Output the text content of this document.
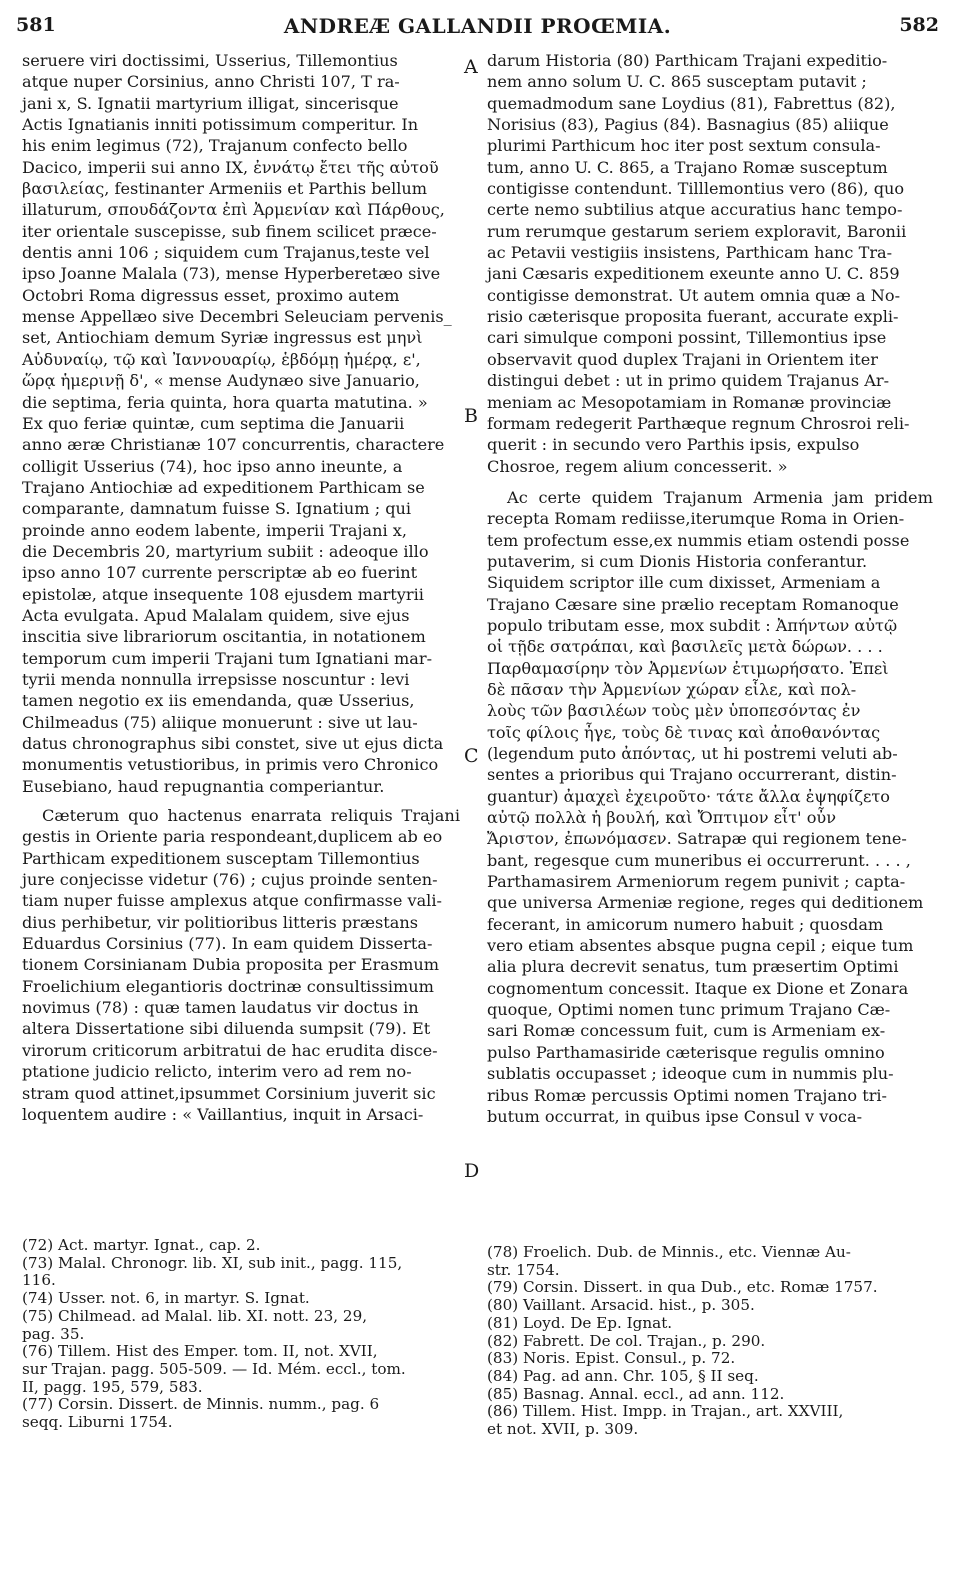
581	ANDREÆ GALLANDII PROŒMIA.	582
seruere viri doctissimi, Usserius, Tillemontius
atque nuper Corsinius, anno Christi 107, T ra-
jani x, S. Ignatii martyrium illigat, sincerisque
Actis Ignatianis inniti potissimum comperitur. In
his enim legimus (72), Trajanum confecto bello
Dacico, imperii sui anno IX, ἐννάτῳ ἔτει τῆς αὐτοῦ
βασιλείας, festinanter Armeniis et Parthis bellum
illaturum, σπουδάζοντα ἐπὶ Ἀρμενίαν καὶ Πάρθους,
iter orientale suscepisse, sub finem scilicet præce-
dentis anni 106 ; siquidem cum Trajanus,teste vel
ipso Joanne Malala (73), mense Hyperberetæo sive
Octobri Roma digressus esset, proximo autem
mense Appellæo sive Decembri Seleuciam pervenis_
set, Antiochiam demum Syriæ ingressus est μηνὶ
Αὐδυναίῳ, τῷ καὶ Ἰαννουαρίῳ, ἑβδόμῃ ἡμέρᾳ, ε',
ὥρᾳ ἡμερινῇ δ', « mense Audynæo sive Januario,
die septima, feria quinta, hora quarta matutina. »
Ex quo feriæ quintæ, cum septima die Januarii
anno æræ Christianæ 107 concurrentis, charactere
colligit Usserius (74), hoc ipso anno ineunte, a
Trajano Antiochiæ ad expeditionem Parthicam se
comparante, damnatum fuisse S. Ignatium ; qui
proinde anno eodem labente, imperii Trajani x,
die Decembris 20, martyrium subiit : adeoque illo
ipso anno 107 currente perscriptæ ab eo fuerint
epistolæ, atque insequente 108 ejusdem martyrii
Acta evulgata. Apud Malalam quidem, sive ejus
inscitia sive librariorum oscitantia, in notationem
temporum cum imperii Trajani tum Ignatiani mar-
tyrii menda nonnulla irrepsisse noscuntur : levi
tamen negotio ex iis emendanda, quæ Usserius,
Chilmeadus (75) aliique monuerunt : sive ut lau-
datus chronographus sibi constet, sive ut ejus dicta
monumentis vetustioribus, in primis vero Chronico
Eusebiano, haud repugnantia comperiantur.
Cæterum quo hactenus enarrata reliquis Trajani
gestis in Oriente paria respondeant,duplicem ab eo
Parthicam expeditionem susceptam Tillemontius
jure conjecisse videtur (76) ; cujus proinde senten-
tiam nuper fuisse amplexus atque confirmasse vali-
dius perhibetur, vir politioribus litteris præstans
Eduardus Corsinius (77). In eam quidem Disserta-
tionem Corsinianam Dubia proposita per Erasmum
Froelichium elegantioris doctrinæ consultissimum
novimus (78) : quæ tamen laudatus vir doctus in
altera Dissertatione sibi diluenda sumpsit (79). Et
virorum criticorum arbitratui de hac eruditа disce-
ptatione judicio relicto, interim vero ad rem no-
stram quod attinet,ipsummet Corsinium juverit sic
loquentem audire : « Vaillantius, inquit in Arsaci-
darum Historia (80) Parthicam Trajani expeditio-
nem anno solum U. C. 865 susceptam putavit ;
quemadmodum sane Loydius (81), Fabrettus (82),
Norisius (83), Pagius (84). Basnagius (85) aliique
plurimi Parthicum hoc iter post sextum consula-
tum, anno U. C. 865, a Trajano Romæ susceptum
contigisse contendunt. Tilllemontius vero (86), quo
certe nemo subtilius atque accuratius hanc tempo-
rum rerumque gestarum seriem exploravit, Baronii
ac Petavii vestigiis insistens, Parthicam hanc Tra-
jani Cæsaris expeditionem exeunte anno U. C. 859
contigisse demonstrat. Ut autem omnia quæ a No-
risio cæterisque proposita fuerant, accurate expli-
cari simulque componi possint, Tillemontius ipse
observavit quod duplex Trajani in Orientem iter
distingui debet : ut in primo quidem Trajanus Ar-
meniam ac Mesopotamiam in Romanæ provinciæ
formam redegerit Parthæque regnum Chrosroi reli-
querit : in secundo vero Parthis ipsis, expulso
Chosroe, regem alium concesserit. »
Ac certe quidem Trajanum Armenia jam pridem
recepta Romam rediisse,iterumque Roma in Orien-
tem profectum esse,ex nummis etiam ostendi posse
putaverim, si cum Dionis Historia conferantur.
Siquidem scriptor ille cum dixisset, Armeniam a
Trajano Cæsare sine prælio receptam Romanoque
populo tributam esse, mox subdit : Ἀπήντων αὐτῷ
οἱ τῇδε σατράπαι, καὶ βασιλεῖς μετὰ δώρων. . . .
Παρθαμασίρην τὸν Ἀρμενίων ἐτιμωρήσατο. Ἐπεὶ
δὲ πᾶσαν τὴν Ἀρμενίων χώραν εἷλε, καὶ πολ-
λοὺς τῶν βασιλέων τοὺς μὲν ὑποπεσόντας ἐν
τοῖς φίλοις ἦγε, τοὺς δὲ τινας καὶ ἀποθανόντας
(legendum puto ἀπόντας, ut hi postremi veluti ab-
sentes a prioribus qui Trajano occurrerant, distin-
guantur) ἀμαχεὶ ἐχειροῦτο· τάτε ἄλλα ἐψηφίζετο
αὐτῷ πολλὰ ἡ βουλή, καὶ Ὄπτιμον εἶτ' οὖν
Ἄριστον, ἐπωνόμασεν. Satrapæ qui regionem tene-
bant, regesque cum muneribus ei occurrerunt. . . . ,
Parthamasirem Armeniorum regem punivit ; capta-
que universa Armeniæ regione, reges qui deditionem
fecerant, in amicorum numero habuit ; quosdam
vero etiam absentes absque pugna cepil ; eique tum
alia plura decrevit senatus, tum præsertim Optimi
cognomentum concessit. Itaque ex Dione et Zonara
quoque, Optimi nomen tunc primum Trajano Cæ-
sari Romæ concessum fuit, cum is Armeniam ex-
pulso Parthamasiride cæterisque regulis omnino
sublatis occupasset ; ideoque cum in nummis plu-
ribus Romæ percussis Optimi nomen Trajano tri-
butum occurrat, in quibus ipse Consul v voca-
A
B
C
D
(72) Act. martyr. Ignat., cap. 2.
(73) Malal. Chronogr. lib. XI, sub init., pagg. 115,
116.
(74) Usser. not. 6, in martyr. S. Ignat.
(75) Chilmead. ad Malal. lib. XI. nott. 23, 29,
pag. 35.
(76) Tillem. Hist des Emper. tom. II, not. XVII,
sur Trajan. pagg. 505-509. — Id. Mém. eccl., tom.
II, pagg. 195, 579, 583.
(77) Corsin. Dissert. de Minnis. numm., pag. 6
seqq. Liburni 1754.
(78) Froelich. Dub. de Minnis., etc. Viennæ Au-
str. 1754.
(79) Corsin. Dissert. in qua Dub., etc. Romæ 1757.
(80) Vaillant. Arsacid. hist., p. 305.
(81) Loyd. De Ep. Ignat.
(82) Fabrett. De col. Trajan., p. 290.
(83) Noris. Epist. Consul., p. 72.
(84) Pag. ad ann. Chr. 105, § II seq.
(85) Basnag. Annal. eccl., ad ann. 112.
(86) Tillem. Hist. Impp. in Trajan., art. XXVIII,
et not. XVII, p. 309.
